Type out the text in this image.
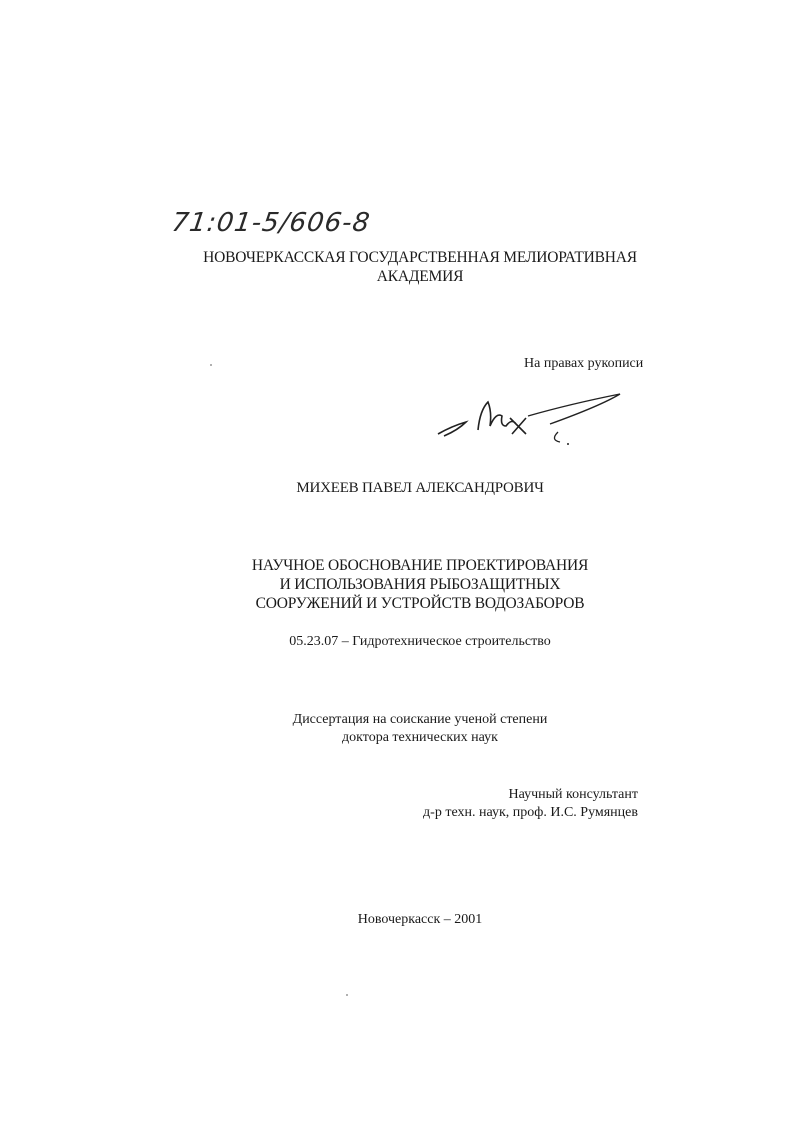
71:01-5/606-8
НОВОЧЕРКАССКАЯ ГОСУДАРСТВЕННАЯ МЕЛИОРАТИВНАЯ
АКАДЕМИЯ
На правах рукописи
МИХЕЕВ ПАВЕЛ АЛЕКСАНДРОВИЧ
НАУЧНОЕ ОБОСНОВАНИЕ ПРОЕКТИРОВАНИЯ
И ИСПОЛЬЗОВАНИЯ РЫБОЗАЩИТНЫХ
СООРУЖЕНИЙ И УСТРОЙСТВ ВОДОЗАБОРОВ
05.23.07 – Гидротехническое строительство
Диссертация на соискание ученой степени
доктора технических наук
Научный консультант
д-р техн. наук, проф. И.С. Румянцев
Новочеркасск – 2001
